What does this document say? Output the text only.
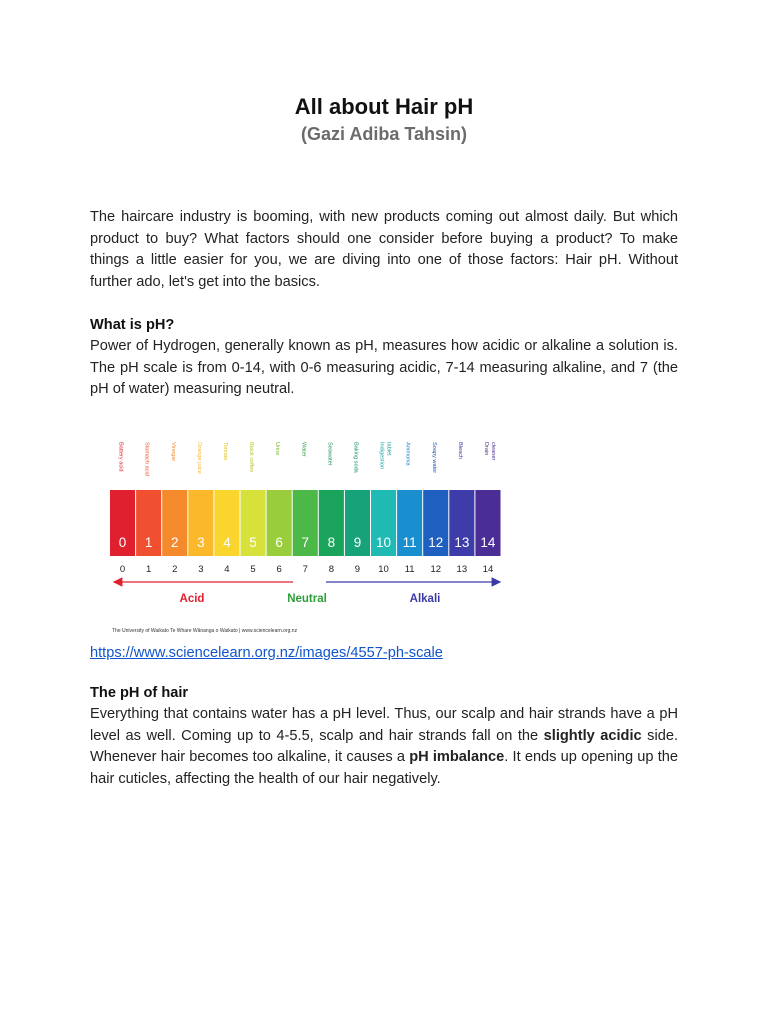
All about Hair pH
(Gazi Adiba Tahsin)

The haircare industry is booming, with new products coming out almost daily. But which product to buy? What factors should one consider before buying a product? To make things a little easier for you, we are diving into one of those factors: Hair pH. Without further ado, let's get into the basics.

What is pH?

Power of Hydrogen, generally known as pH, measures how acidic or alkaline a solution is. The pH scale is from 0-14, with 0-6 measuring acidic, 7-14 measuring alkaline, and 7 (the pH of water) measuring neutral.

Battery acid	Stomach acid	Vinegar	Orange juice	Tomato	Black coffee	Urine	Water	Seawater	Baking soda	Indigestion tablet Ammonia	Soapy water	Bleach	Drain cleaner
0 1 2 3 4 5 6 7 8 9 10 11 12 13 14
0 1 2 3 4 5 6 7 8 9 10 11 12 13 14
Acid	Neutral	Alkali
The University of Waikato Te Whare Wānanga o Waikato | www.sciencelearn.org.nz
https://www.sciencelearn.org.nz/images/4557-ph-scale

The pH of hair

Everything that contains water has a pH level. Thus, our scalp and hair strands have a pH level as well. Coming up to 4-5.5, scalp and hair strands fall on the slightly acidic side. Whenever hair becomes too alkaline, it causes a pH imbalance. It ends up opening up the hair cuticles, affecting the health of our hair negatively.
